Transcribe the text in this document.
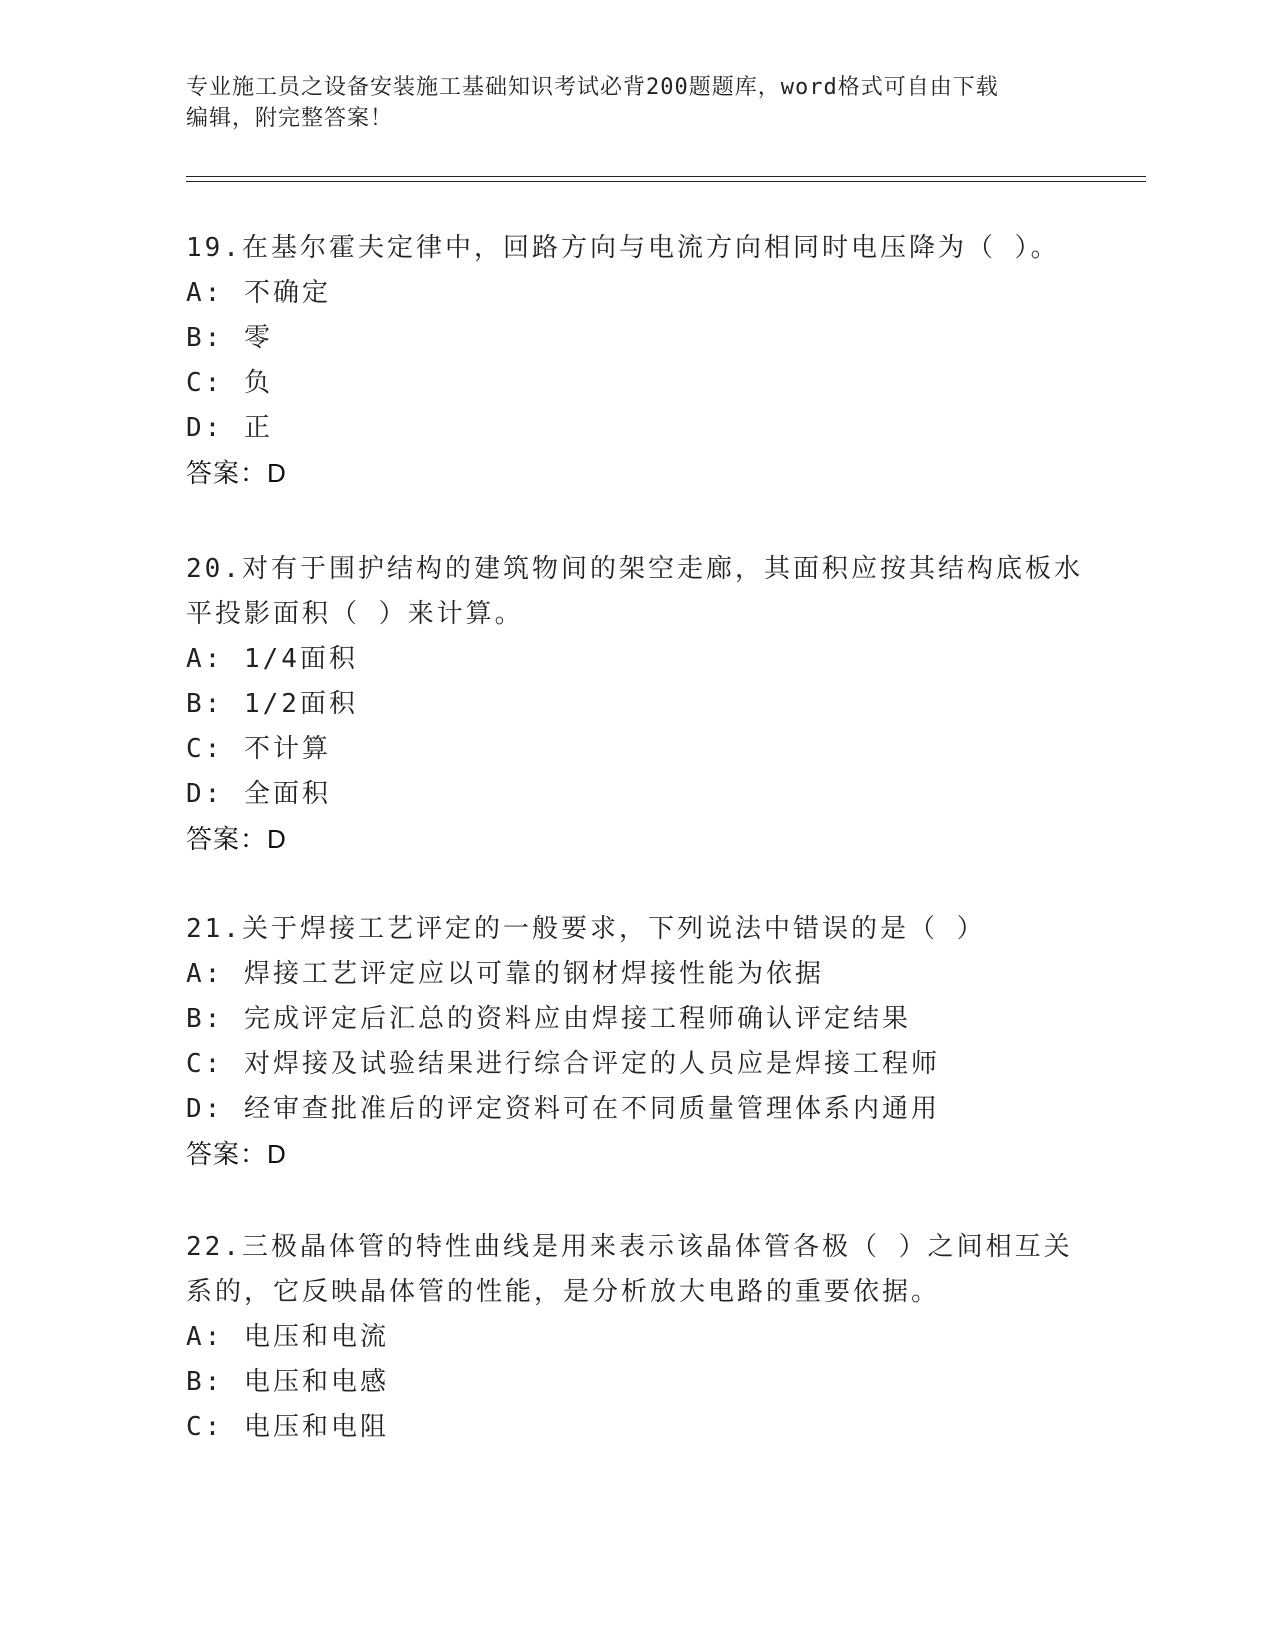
专业施工员之设备安装施工基础知识考试必背200题题库，word格式可自由下载
编辑，附完整答案！
19.在基尔霍夫定律中，回路方向与电流方向相同时电压降为（ ）。
A: 不确定
B: 零
C: 负
D: 正
答案：D
20.对有于围护结构的建筑物间的架空走廊，其面积应按其结构底板水
平投影面积（ ）来计算。
A: 1/4面积
B: 1/2面积
C: 不计算
D: 全面积
答案：D
21.关于焊接工艺评定的一般要求，下列说法中错误的是（ ）
A: 焊接工艺评定应以可靠的钢材焊接性能为依据
B: 完成评定后汇总的资料应由焊接工程师确认评定结果
C: 对焊接及试验结果进行综合评定的人员应是焊接工程师
D: 经审查批准后的评定资料可在不同质量管理体系内通用
答案：D
22.三极晶体管的特性曲线是用来表示该晶体管各极（ ）之间相互关
系的，它反映晶体管的性能，是分析放大电路的重要依据。
A: 电压和电流
B: 电压和电感
C: 电压和电阻
